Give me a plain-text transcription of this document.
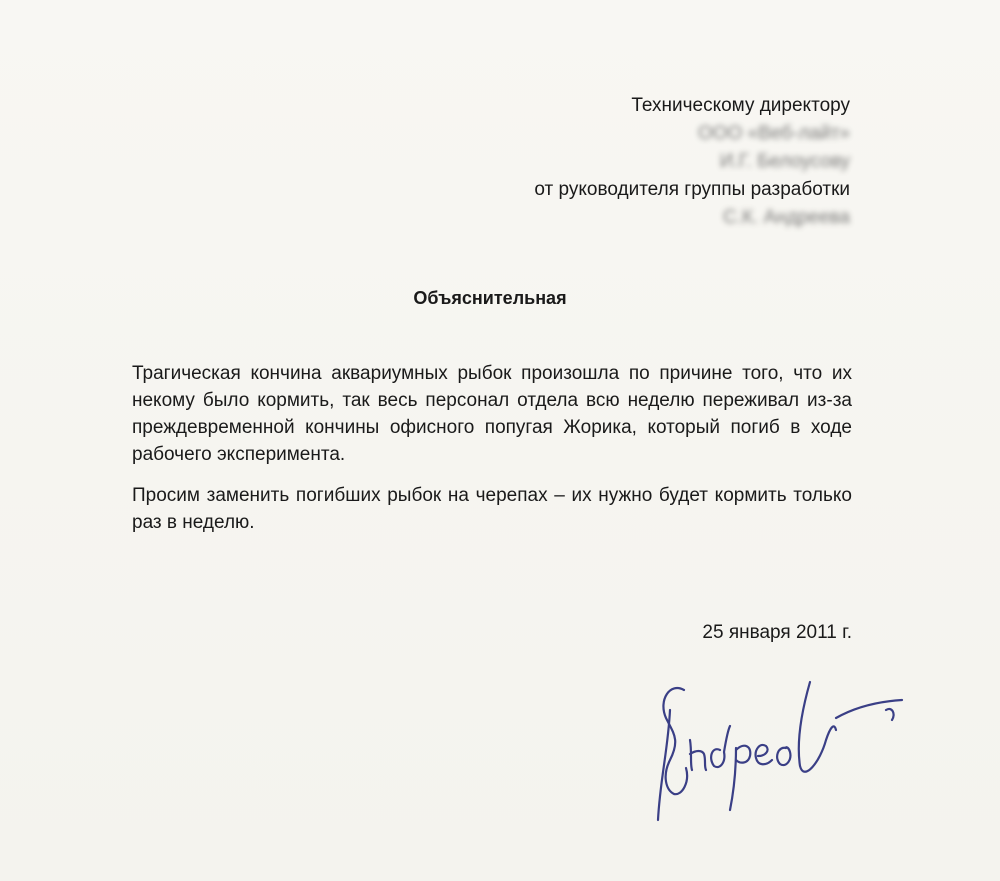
Техническому директору
ООО «Веб-лайт»
И.Г. Белоусову
от руководителя группы разработки
С.К. Андреева
Объяснительная
Трагическая кончина аквариумных рыбок произошла по причине того, что их некому было кормить, так весь персонал отдела всю неделю переживал из-за преждевременной кончины офисного попугая Жорика, который погиб в ходе рабочего эксперимента.
Просим заменить погибших рыбок на черепах – их нужно будет кормить только раз в неделю.
25 января 2011 г.
